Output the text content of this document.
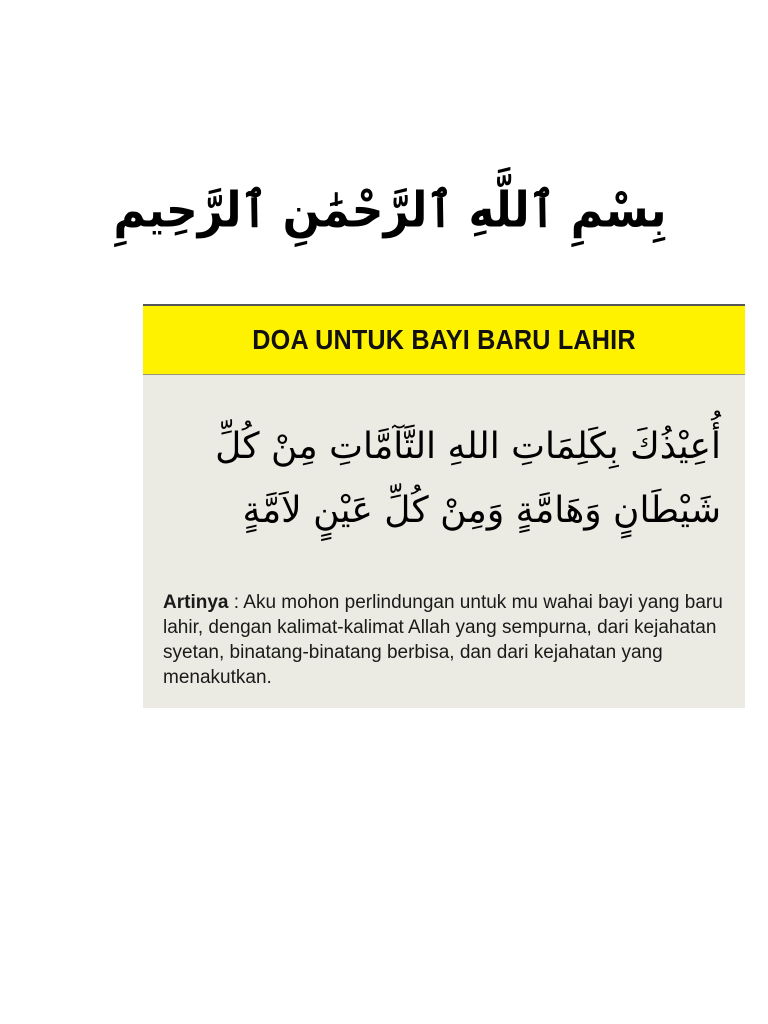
بِسْمِ ٱللَّهِ ٱلرَّحْمَٰنِ ٱلرَّحِيمِ
DOA UNTUK BAYI BARU LAHIR
أُعِيْذُكَ بِكَلِمَاتِ اللهِ التَّآمَّاتِ مِنْ كُلِّ
شَيْطَانٍ وَهَامَّةٍ وَمِنْ كُلِّ عَيْنٍ لاَمَّةٍ
Artinya : Aku mohon perlindungan untuk mu wahai bayi yang baru lahir, dengan kalimat-kalimat Allah yang sempurna, dari kejahatan syetan, binatang-binatang berbisa, dan dari kejahatan yang menakutkan.
